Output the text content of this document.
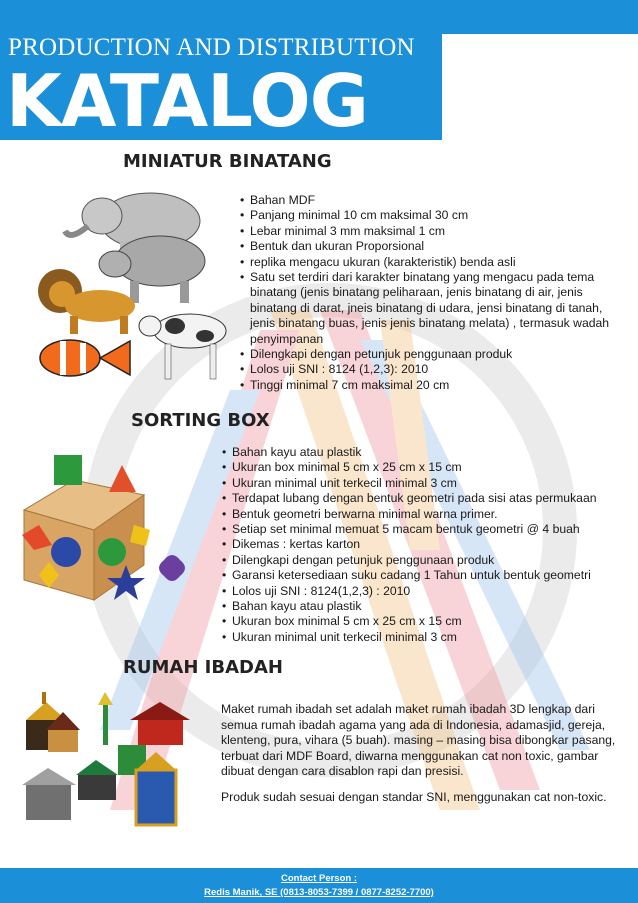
PRODUCTION AND DISTRIBUTION
KATALOG
MINIATUR BINATANG
• Bahan MDF
• Panjang minimal 10 cm maksimal 30 cm
• Lebar minimal 3 mm maksimal 1 cm
• Bentuk dan ukuran Proporsional
• replika mengacu ukuran (karakteristik) benda asli
• Satu set terdiri dari karakter binatang yang mengacu pada tema binatang (jenis binatang peliharaan, jenis binatang di air, jenis binatang di darat, jneis binatang di udara, jensi binatang di tanah, jenis binatang buas, jenis jenis binatang melata) , termasuk wadah penyimpanan
• Dilengkapi dengan petunjuk penggunaan produk
• Lolos uji SNI : 8124 (1,2,3): 2010
• Tinggi minimal 7 cm maksimal 20 cm
SORTING BOX
• Bahan kayu atau plastik
• Ukuran box minimal 5 cm x 25 cm x 15 cm
• Ukuran minimal unit terkecil minimal 3 cm
• Terdapat lubang dengan bentuk geometri pada sisi atas permukaan
• Bentuk geometri berwarna minimal warna primer.
• Setiap set minimal memuat 5 macam bentuk geometri @ 4 buah
• Dikemas : kertas karton
• Dilengkapi dengan petunjuk penggunaan produk
• Garansi ketersediaan suku cadang 1 Tahun untuk bentuk geometri
• Lolos uji SNI : 8124(1,2,3) : 2010
• Bahan kayu atau plastik
• Ukuran box minimal 5 cm x 25 cm x 15 cm
• Ukuran minimal unit terkecil minimal 3 cm
RUMAH IBADAH

Maket rumah ibadah set adalah maket rumah ibadah 3D lengkap dari semua rumah ibadah agama yang ada di Indonesia, adamasjid, gereja, klenteng, pura, vihara (5 buah). masing – masing bisa dibongkar pasang, terbuat dari MDF Board, diwarna menggunakan cat non toxic, gambar dibuat dengan cara disablon rapi dan presisi.

Produk sudah sesuai dengan standar SNI, menggunakan cat non-toxic.

Contact Person :
Redis Manik, SE (0813-8053-7399 / 0877-8252-7700)
